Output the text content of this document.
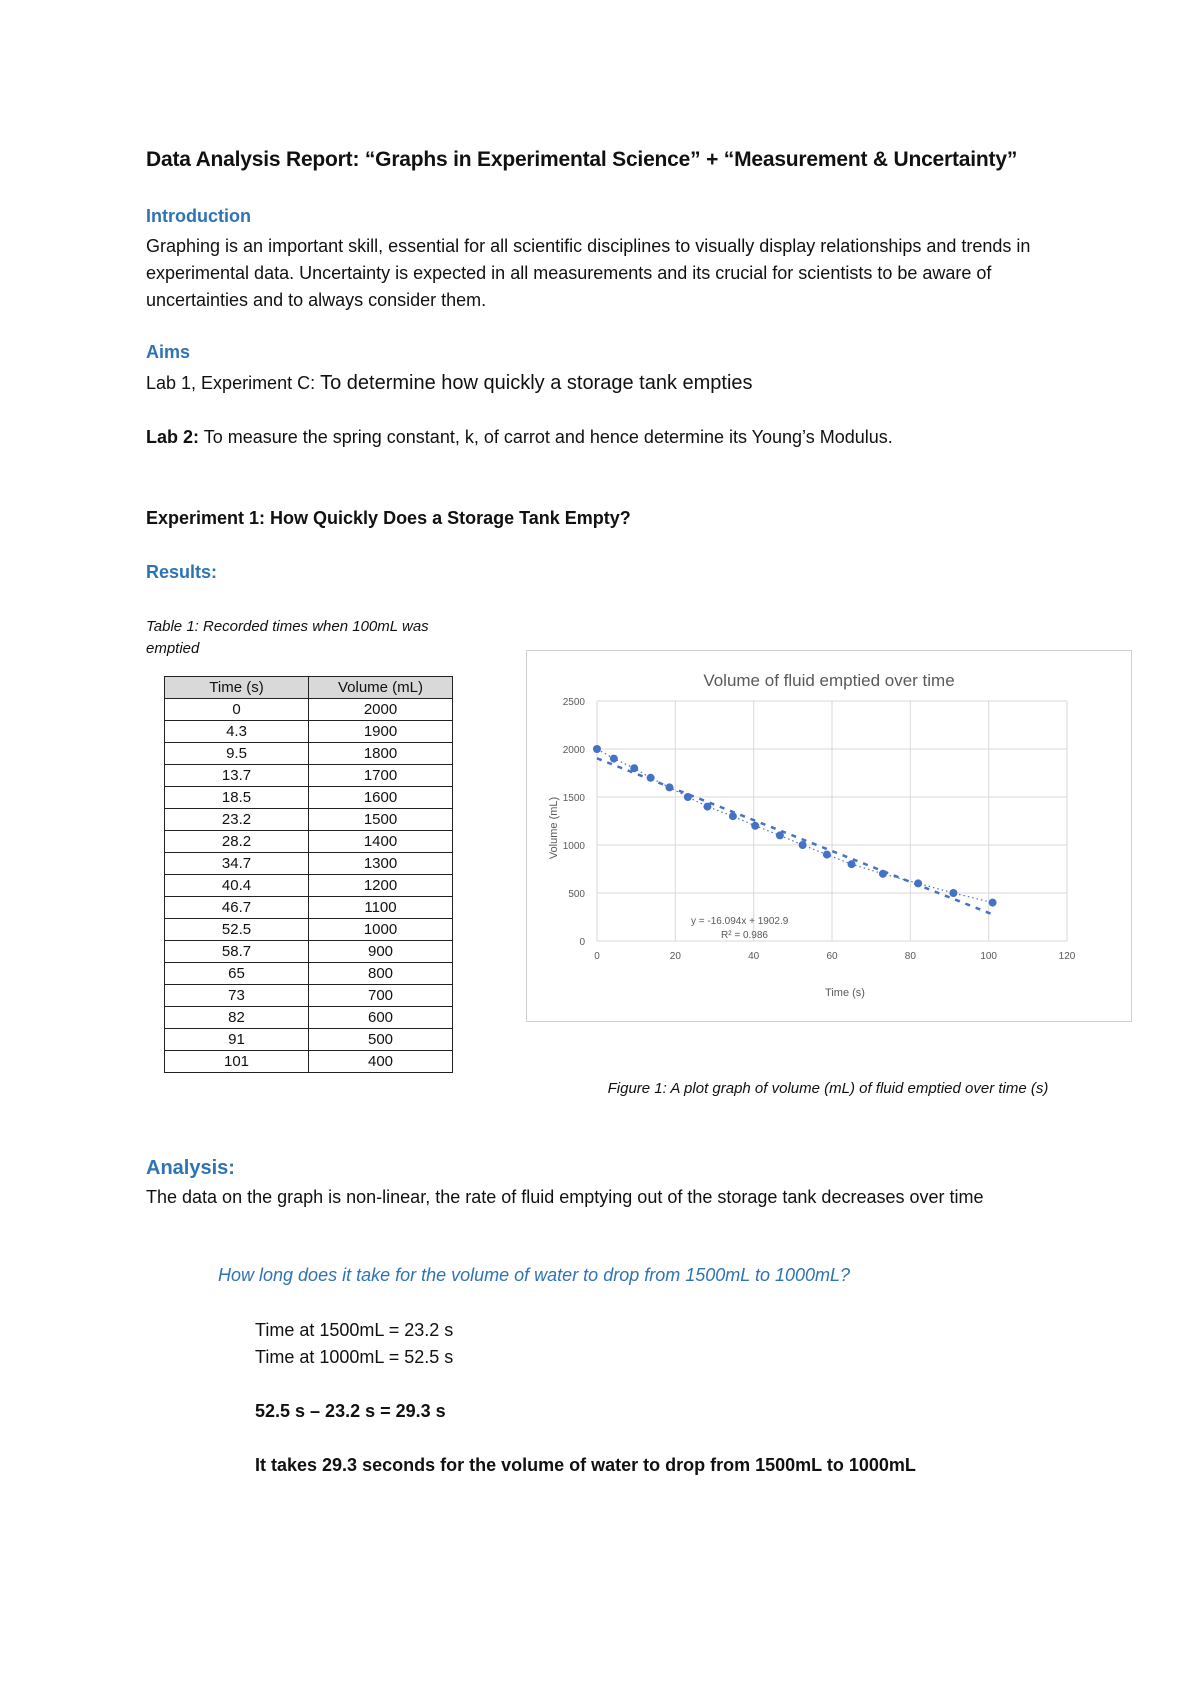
Data Analysis Report: “Graphs in Experimental Science” + “Measurement & Uncertainty”
Introduction
Graphing is an important skill, essential for all scientific disciplines to visually display relationships and trends in experimental data. Uncertainty is expected in all measurements and its crucial for scientists to be aware of uncertainties and to always consider them.
Aims
Lab 1, Experiment C: To determine how quickly a storage tank empties
Lab 2: To measure the spring constant, k, of carrot and hence determine its Young’s Modulus.
Experiment 1: How Quickly Does a Storage Tank Empty?
Results:
Table 1: Recorded times when 100mL was emptied
Time (s)	Volume (mL)
0	2000
4.3	1900
9.5	1800
13.7	1700
18.5	1600
23.2	1500
28.2	1400
34.7	1300
40.4	1200
46.7	1100
52.5	1000
58.7	900
65	800
73	700
82	600
91	500
101	400
0
500
1000
1500
2000
2500
0	20	40	60	80	100	120
Volume of fluid emptied over time
Time (s)
Volume (mL)
y = -16.094x + 1902.9
R² = 0.986
Figure 1: A plot graph of volume (mL) of fluid emptied over time (s)
Analysis:
The data on the graph is non-linear, the rate of fluid emptying out of the storage tank decreases over time
How long does it take for the volume of water to drop from 1500mL to 1000mL?
Time at 1500mL = 23.2 s
Time at 1000mL = 52.5 s
52.5 s – 23.2 s = 29.3 s
It takes 29.3 seconds for the volume of water to drop from 1500mL to 1000mL
